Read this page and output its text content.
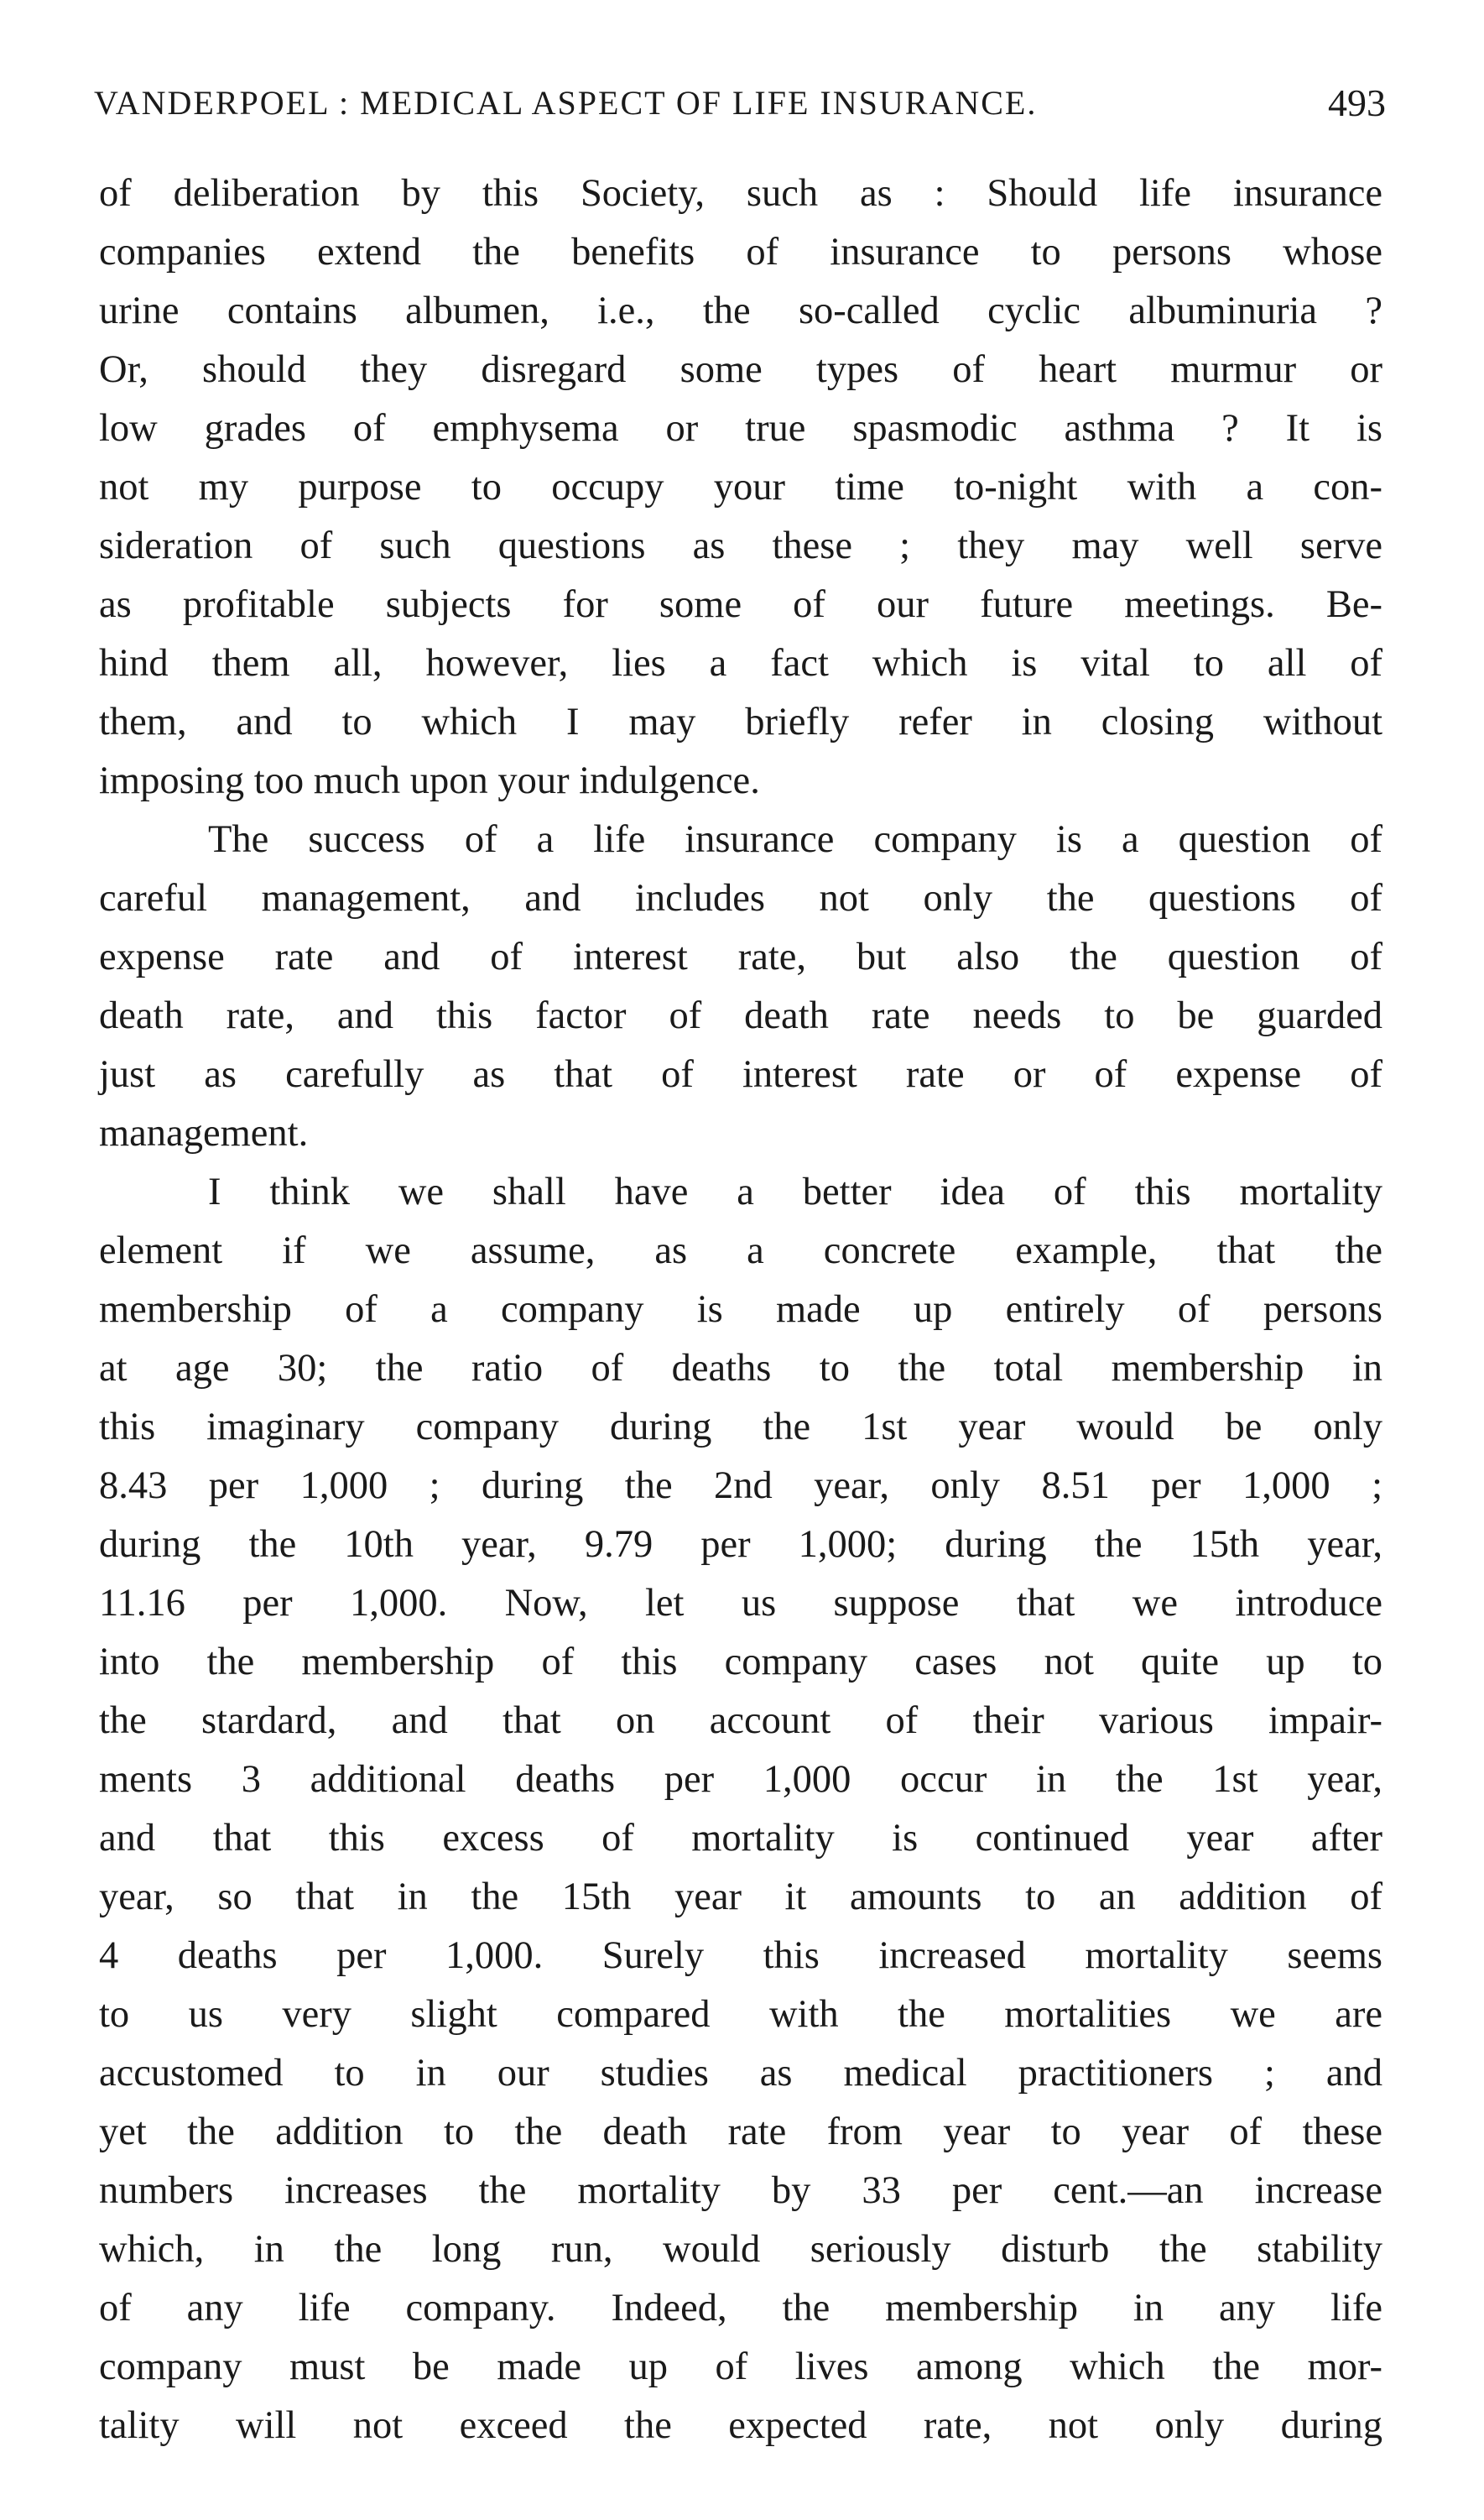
VANDERPOEL : MEDICAL ASPECT OF LIFE INSURANCE.	493
of deliberation by this Society, such as : Should life insurance
companies extend the benefits of insurance to persons whose
urine contains albumen, i.e., the so-called cyclic albuminuria ?
Or, should they disregard some types of heart murmur or
low grades of emphysema or true spasmodic asthma ? It is
not my purpose to occupy your time to-night with a con-
sideration of such questions as these ; they may well serve
as profitable subjects for some of our future meetings. Be-
hind them all, however, lies a fact which is vital to all of
them, and to which I may briefly refer in closing without
imposing too much upon your indulgence.
The success of a life insurance company is a question of
careful management, and includes not only the questions of
expense rate and of interest rate, but also the question of
death rate, and this factor of death rate needs to be guarded
just as carefully as that of interest rate or of expense of
management.
I think we shall have a better idea of this mortality
element if we assume, as a concrete example, that the
membership of a company is made up entirely of persons
at age 30; the ratio of deaths to the total membership in
this imaginary company during the 1st year would be only
8.43 per 1,000 ; during the 2nd year, only 8.51 per 1,000 ;
during the 10th year, 9.79 per 1,000; during the 15th year,
11.16 per 1,000. Now, let us suppose that we introduce
into the membership of this company cases not quite up to
the stardard, and that on account of their various impair-
ments 3 additional deaths per 1,000 occur in the 1st year,
and that this excess of mortality is continued year after
year, so that in the 15th year it amounts to an addition of
4 deaths per 1,000. Surely this increased mortality seems
to us very slight compared with the mortalities we are
accustomed to in our studies as medical practitioners ; and
yet the addition to the death rate from year to year of these
numbers increases the mortality by 33 per cent.—an increase
which, in the long run, would seriously disturb the stability
of any life company. Indeed, the membership in any life
company must be made up of lives among which the mor-
tality will not exceed the expected rate, not only during
